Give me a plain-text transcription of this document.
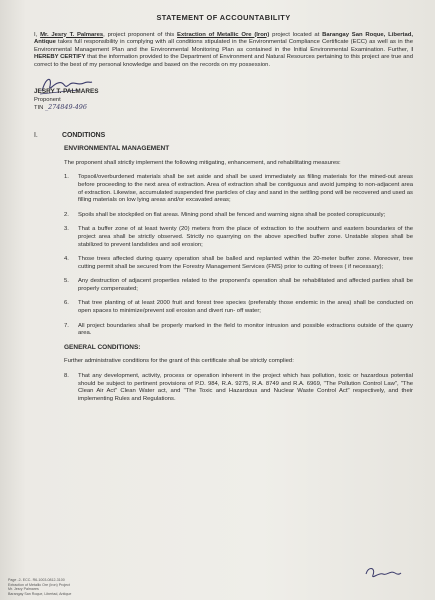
STATEMENT OF ACCOUNTABILITY

I, Mr. Jesry T. Palmares, project proponent of this Extraction of Metallic Ore (Iron) project located at Barangay San Roque, Libertad, Antique takes full responsibility in complying with all conditions stipulated in the Environmental Compliance Certificate (ECC) as well as in the Environmental Management Plan and the Environmental Monitoring Plan as contained in the Initial Environmental Examination. Further, I HEREBY CERTIFY that the information provided to the Department of Environment and Natural Resources pertaining to this project are true and correct to the best of my personal knowledge and based on the records on my possession.

JESRY T. PALMARES
Proponent
TIN _274849-496
I.	CONDITIONS
ENVIRONMENTAL MANAGEMENT

The proponent shall strictly implement the following mitigating, enhancement, and rehabilitating measures:

1.	Topsoil/overburdened materials shall be set aside and shall be used immediately as filling materials for the mined-out areas before proceeding to the next area of extraction. Area of extraction shall be contiguous and avoid jumping to non-adjacent area of extraction. Likewise, accumulated suspended fine particles of clay and sand in the settling pond will be recovered and used as filling materials on low lying areas and/or excavated areas;
2.	Spoils shall be stockpiled on flat areas. Mining pond shall be fenced and warning signs shall be posted conspicuously;
3.	That a buffer zone of at least twenty (20) meters from the place of extraction to the southern and eastern boundaries of the project area shall be strictly observed. Strictly no quarrying on the above specified buffer zone. Unstable slopes shall be stabilized to prevent landslides and soil erosion;
4.	Those trees affected during quarry operation shall be balled and replanted within the 20-meter buffer zone. Moreover, tree cutting permit shall be secured from the Forestry Management Services (FMS) prior to cutting of trees ( if necessary);
5.	Any destruction of adjacent properties related to the proponent's operation shall be rehabilitated and affected parties shall be properly compensated;
6.	That tree planting of at least 2000 fruit and forest tree species (preferably those endemic in the area) shall be conducted on open spaces to minimize/prevent soil erosion and divert run- off water;
7.	All project boundaries shall be properly marked in the field to monitor intrusion and possible extractions outside of the quarry area.
GENERAL CONDITIONS:

Further administrative conditions for the grant of this certificate shall be strictly complied:

8.	That any development, activity, process or operation inherent in the project which has pollution, toxic or hazardous potential should be subject to pertinent provisions of P.D. 984, R.A. 9275, R.A. 8749 and R.A. 6969, "The Pollution Control Law", "The Clean Air Act" Clean Water act, and "The Toxic and Hazardous and Nuclear Waste Control Act" respectively, and their implementing Rules and Regulations.
Page -2- ECC- R6-1003-0812-3100
Extraction of Metallic Ore (Iron) Project
Mr. Jesry Palmares
Barangay San Roque, Libertad, Antique
